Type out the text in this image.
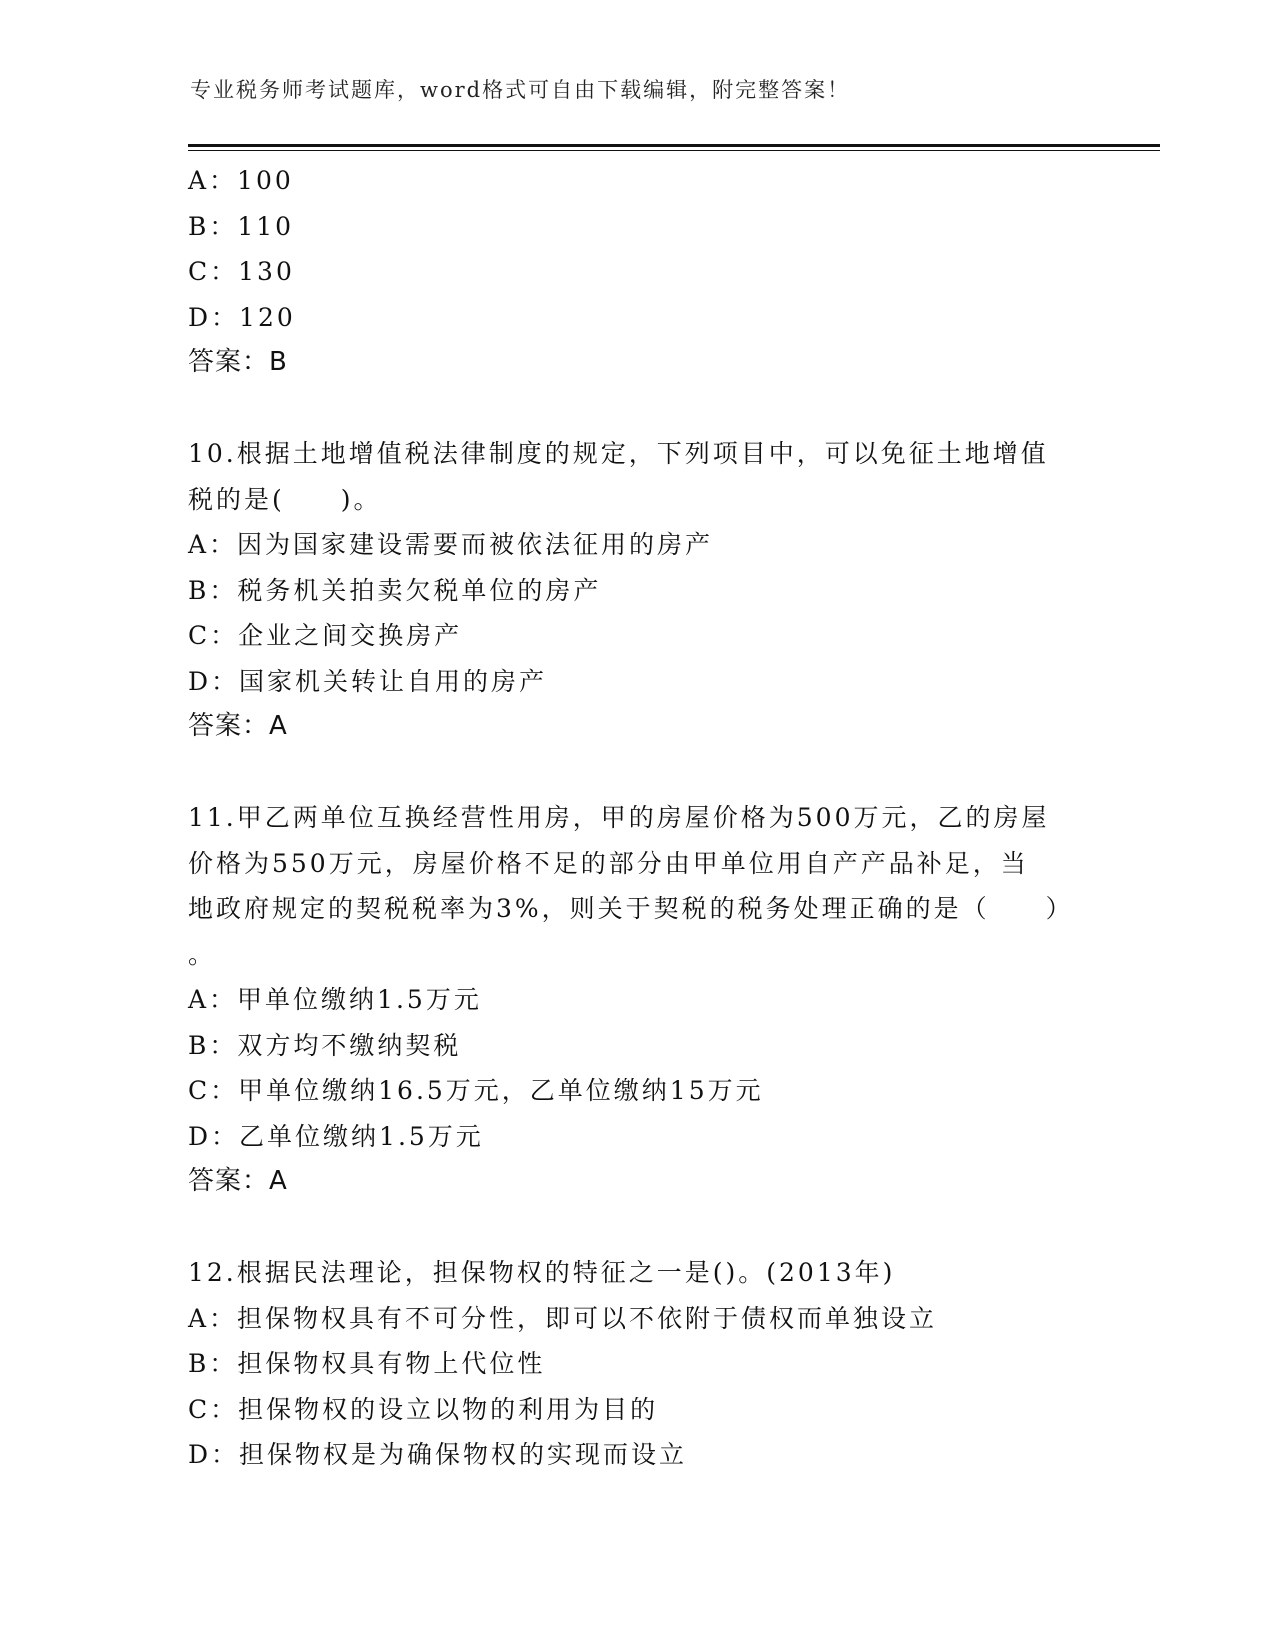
专业税务师考试题库，word格式可自由下载编辑，附完整答案！
A：100
B：110
C：130
D：120
答案：B
10.根据土地增值税法律制度的规定，下列项目中，可以免征土地增值
税的是(　　)。
A：因为国家建设需要而被依法征用的房产
B：税务机关拍卖欠税单位的房产
C：企业之间交换房产
D：国家机关转让自用的房产
答案：A
11.甲乙两单位互换经营性用房，甲的房屋价格为500万元，乙的房屋
价格为550万元，房屋价格不足的部分由甲单位用自产产品补足，当
地政府规定的契税税率为3%，则关于契税的税务处理正确的是（　　）
。
A：甲单位缴纳1.5万元
B：双方均不缴纳契税
C：甲单位缴纳16.5万元，乙单位缴纳15万元
D：乙单位缴纳1.5万元
答案：A
12.根据民法理论，担保物权的特征之一是()。(2013年)
A：担保物权具有不可分性，即可以不依附于债权而单独设立
B：担保物权具有物上代位性
C：担保物权的设立以物的利用为目的
D：担保物权是为确保物权的实现而设立
